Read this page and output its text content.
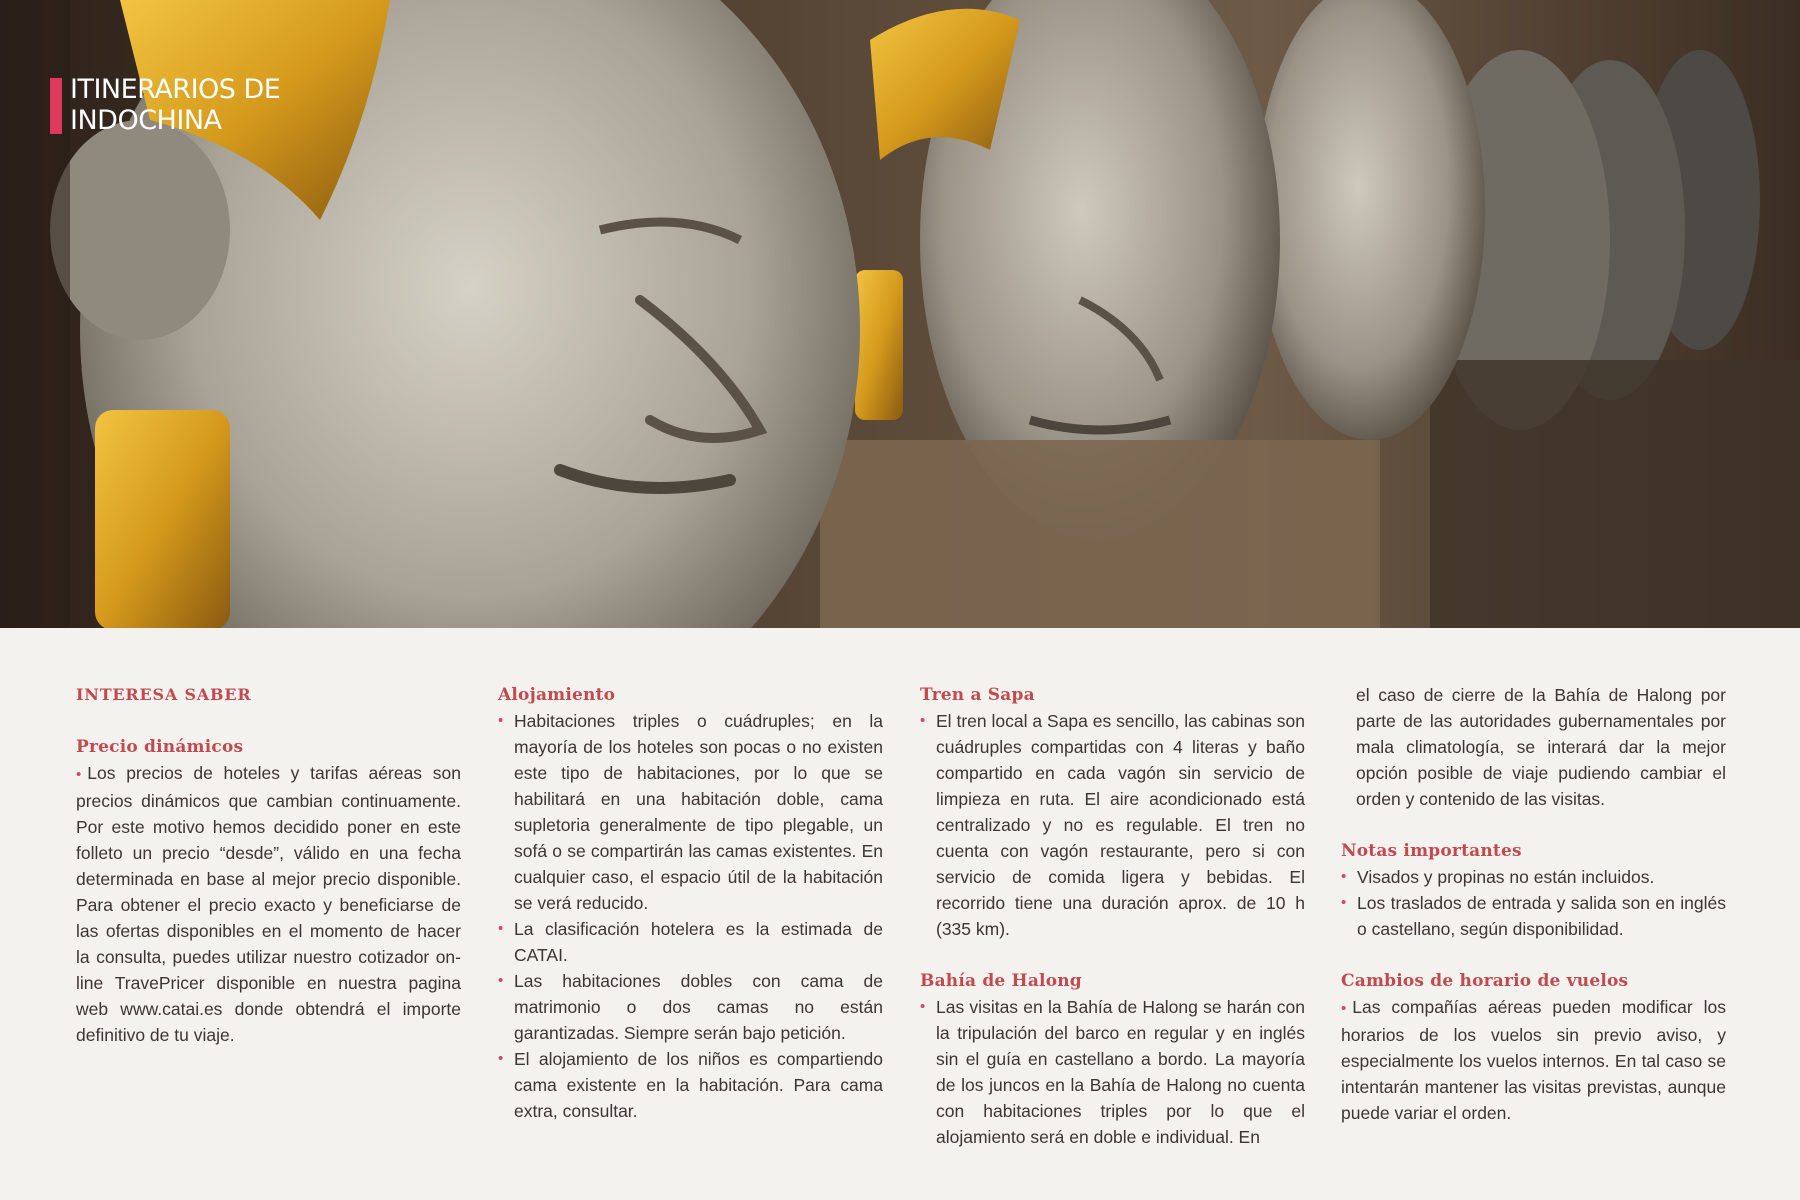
ITINERARIOS DE INDOCHINA
INTERESA SABER
Precio dinámicos

• Los precios de hoteles y tarifas aéreas son precios dinámicos que cambian continuamente. Por este motivo hemos decidido poner en este folleto un precio “desde”, válido en una fecha determinada en base al mejor precio disponible. Para obtener el precio exacto y beneficiarse de las ofertas disponibles en el momento de hacer la consulta, puedes utilizar nuestro cotizador on-line TravePricer disponible en nuestra pagina web www.catai.es donde obtendrá el importe definitivo de tu viaje.

Alojamiento
• Habitaciones triples o cuádruples; en la mayoría de los hoteles son pocas o no existen este tipo de habitaciones, por lo que se habilitará en una habitación doble, cama supletoria generalmente de tipo plegable, un sofá o se compartirán las camas existentes. En cualquier caso, el espacio útil de la habitación se verá reducido.
• La clasificación hotelera es la estimada de CATAI.
• Las habitaciones dobles con cama de matrimonio o dos camas no están garantizadas. Siempre serán bajo petición.
• El alojamiento de los niños es compartiendo cama existente en la habitación. Para cama extra, consultar.
Tren a Sapa
• El tren local a Sapa es sencillo, las cabinas son cuádruples compartidas con 4 literas y baño compartido en cada vagón sin servicio de limpieza en ruta. El aire acondicionado está centralizado y no es regulable. El tren no cuenta con vagón restaurante, pero si con servicio de comida ligera y bebidas. El recorrido tiene una duración aprox. de 10 h (335 km).
Bahía de Halong
• Las visitas en la Bahía de Halong se harán con la tripulación del barco en regular y en inglés sin el guía en castellano a bordo. La mayoría de los juncos en la Bahía de Halong no cuenta con habitaciones triples por lo que el alojamiento será en doble e individual. En

el caso de cierre de la Bahía de Halong por parte de las autoridades gubernamentales por mala climatología, se interará dar la mejor opción posible de viaje pudiendo cambiar el orden y contenido de las visitas.

Notas importantes
• Visados y propinas no están incluidos.
• Los traslados de entrada y salida son en inglés o castellano, según disponibilidad.
Cambios de horario de vuelos

• Las compañías aéreas pueden modificar los horarios de los vuelos sin previo aviso, y especialmente los vuelos internos. En tal caso se intentarán mantener las visitas previstas, aunque puede variar el orden.
